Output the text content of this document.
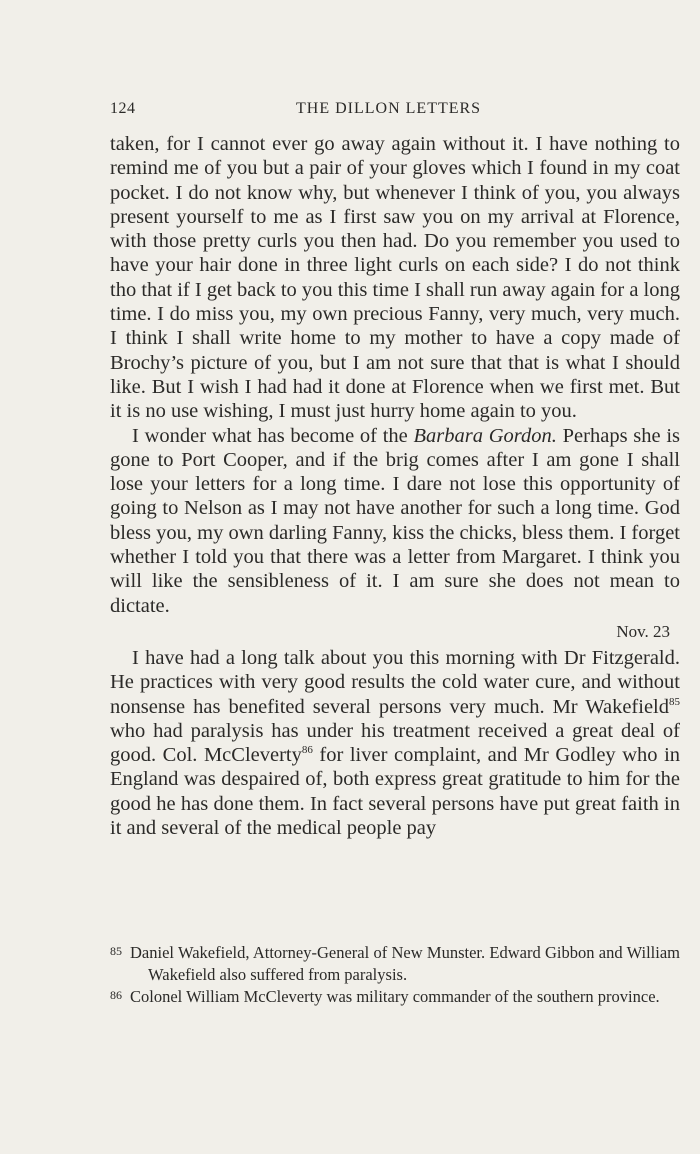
124	THE DILLON LETTERS

taken, for I cannot ever go away again without it. I have nothing to remind me of you but a pair of your gloves which I found in my coat pocket. I do not know why, but whenever I think of you, you always present yourself to me as I first saw you on my arrival at Florence, with those pretty curls you then had. Do you remember you used to have your hair done in three light curls on each side? I do not think tho that if I get back to you this time I shall run away again for a long time. I do miss you, my own precious Fanny, very much, very much. I think I shall write home to my mother to have a copy made of Brochy’s picture of you, but I am not sure that that is what I should like. But I wish I had had it done at Florence when we first met. But it is no use wishing, I must just hurry home again to you.

I wonder what has become of the Barbara Gordon. Perhaps she is gone to Port Cooper, and if the brig comes after I am gone I shall lose your letters for a long time. I dare not lose this opportunity of going to Nelson as I may not have another for such a long time. God bless you, my own darling Fanny, kiss the chicks, bless them. I forget whether I told you that there was a letter from Margaret. I think you will like the sensibleness of it. I am sure she does not mean to dictate.

Nov. 23

I have had a long talk about you this morning with Dr Fitzgerald. He practices with very good results the cold water cure, and without nonsense has benefited several persons very much. Mr Wakefield$^{85}$ who had paralysis has under his treatment received a great deal of good. Col. McCleverty$^{86}$ for liver complaint, and Mr Godley who in England was despaired of, both express great gratitude to him for the good he has done them. In fact several persons have put great faith in it and several of the medical people pay

85 Daniel Wakefield, Attorney-General of New Munster. Edward Gibbon and William Wakefield also suffered from paralysis.

86 Colonel William McCleverty was military commander of the southern province.
